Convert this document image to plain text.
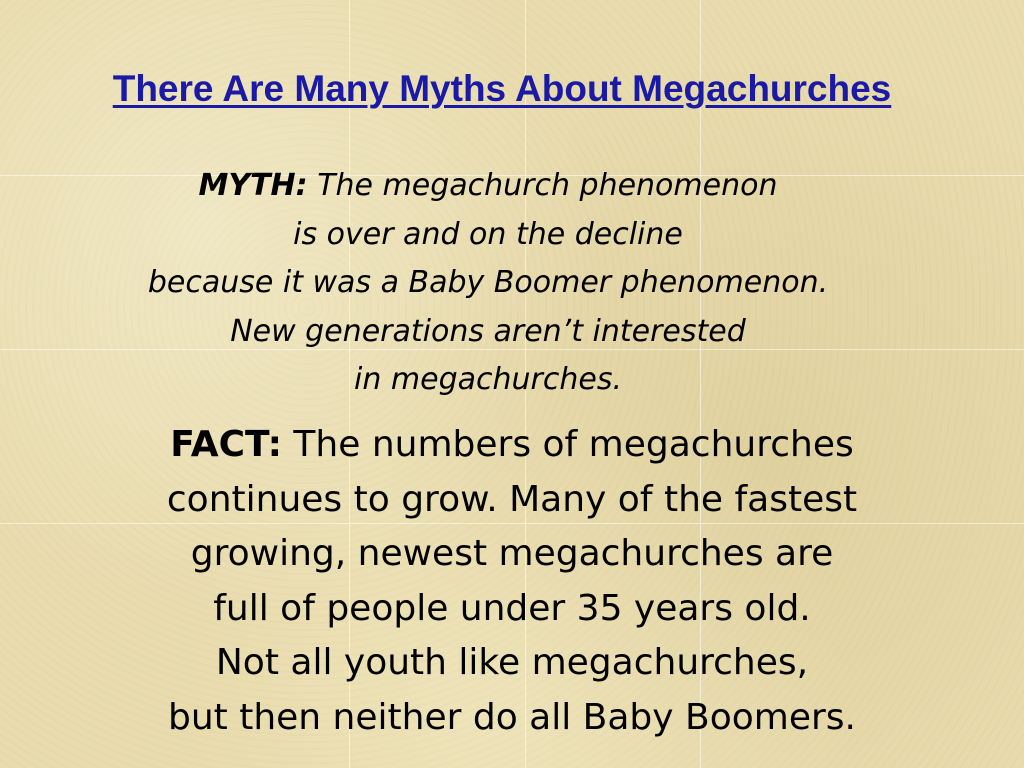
There Are Many Myths About Megachurches
MYTH: The megachurch phenomenon
is over and on the decline
because it was a Baby Boomer phenomenon.
New generations aren’t interested
in megachurches.
FACT: The numbers of megachurches
continues to grow. Many of the fastest
growing, newest megachurches are
full of people under 35 years old.
Not all youth like megachurches,
but then neither do all Baby Boomers.
